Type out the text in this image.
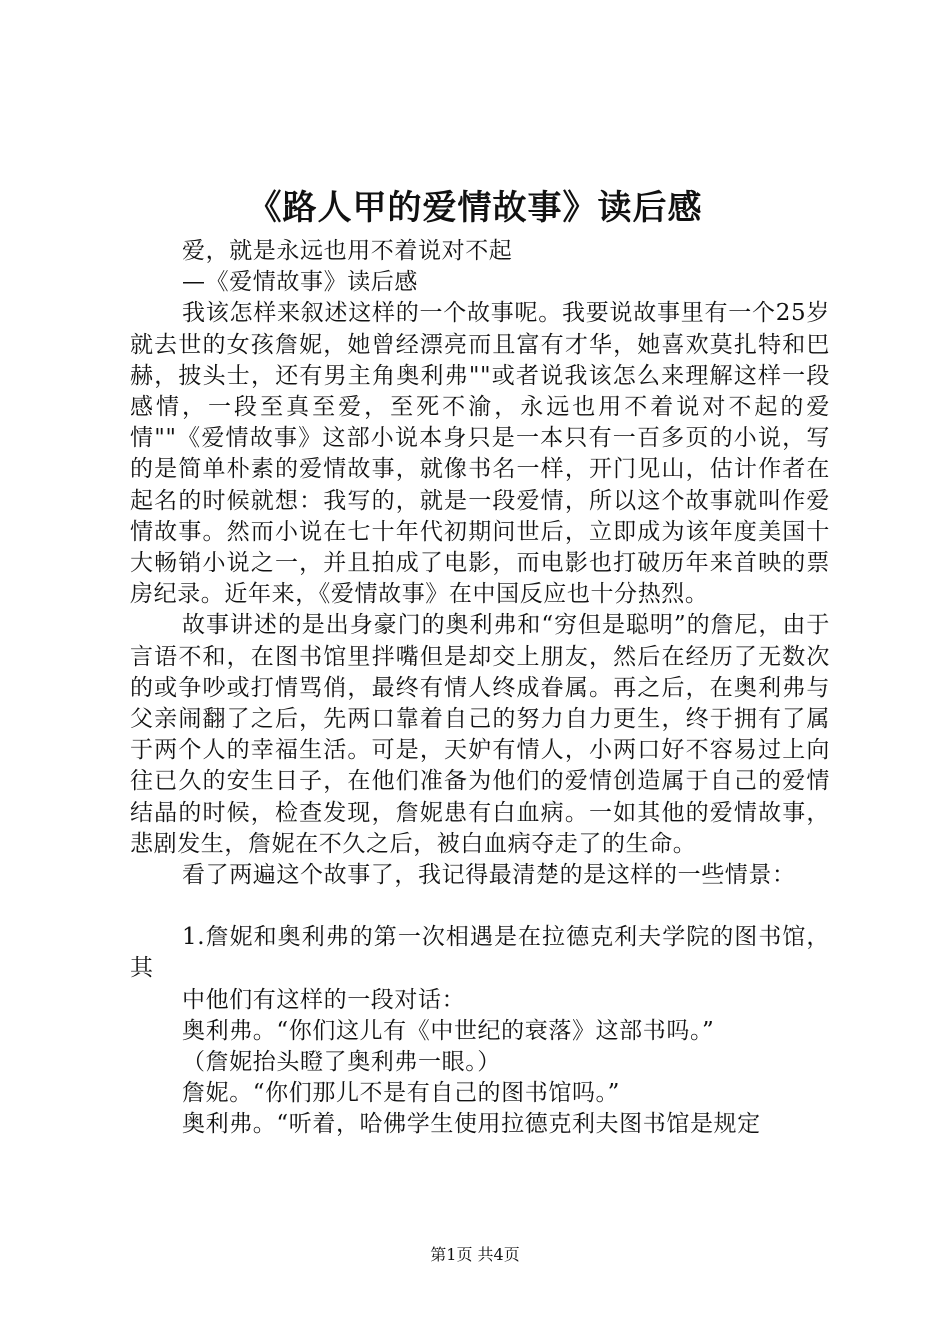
《路人甲的爱情故事》读后感

爱，就是永远也用不着说对不起

—《爱情故事》读后感

我该怎样来叙述这样的一个故事呢。我要说故事里有一个25岁就去世的女孩詹妮，她曾经漂亮而且富有才华，她喜欢莫扎特和巴赫，披头士，还有男主角奥利弗""或者说我该怎么来理解这样一段感情，一段至真至爱，至死不渝，永远也用不着说对不起的爱情""《爱情故事》这部小说本身只是一本只有一百多页的小说，写的是简单朴素的爱情故事，就像书名一样，开门见山，估计作者在起名的时候就想：我写的，就是一段爱情，所以这个故事就叫作爱情故事。然而小说在七十年代初期问世后，立即成为该年度美国十大畅销小说之一，并且拍成了电影，而电影也打破历年来首映的票房纪录。近年来，《爱情故事》在中国反应也十分热烈。

故事讲述的是出身豪门的奥利弗和“穷但是聪明”的詹尼，由于言语不和，在图书馆里拌嘴但是却交上朋友，然后在经历了无数次的或争吵或打情骂俏，最终有情人终成眷属。再之后，在奥利弗与父亲闹翻了之后，先两口靠着自己的努力自力更生，终于拥有了属于两个人的幸福生活。可是，天妒有情人，小两口好不容易过上向往已久的安生日子，在他们准备为他们的爱情创造属于自己的爱情结晶的时候，检查发现，詹妮患有白血病。一如其他的爱情故事，悲剧发生，詹妮在不久之后，被白血病夺走了的生命。

看了两遍这个故事了，我记得最清楚的是这样的一些情景：

1.詹妮和奥利弗的第一次相遇是在拉德克利夫学院的图书馆，其

中他们有这样的一段对话：

奥利弗。“你们这儿有《中世纪的衰落》这部书吗。”

（詹妮抬头瞪了奥利弗一眼。）

詹妮。“你们那儿不是有自己的图书馆吗。”

奥利弗。“听着，哈佛学生使用拉德克利夫图书馆是规定

第1页 共4页
